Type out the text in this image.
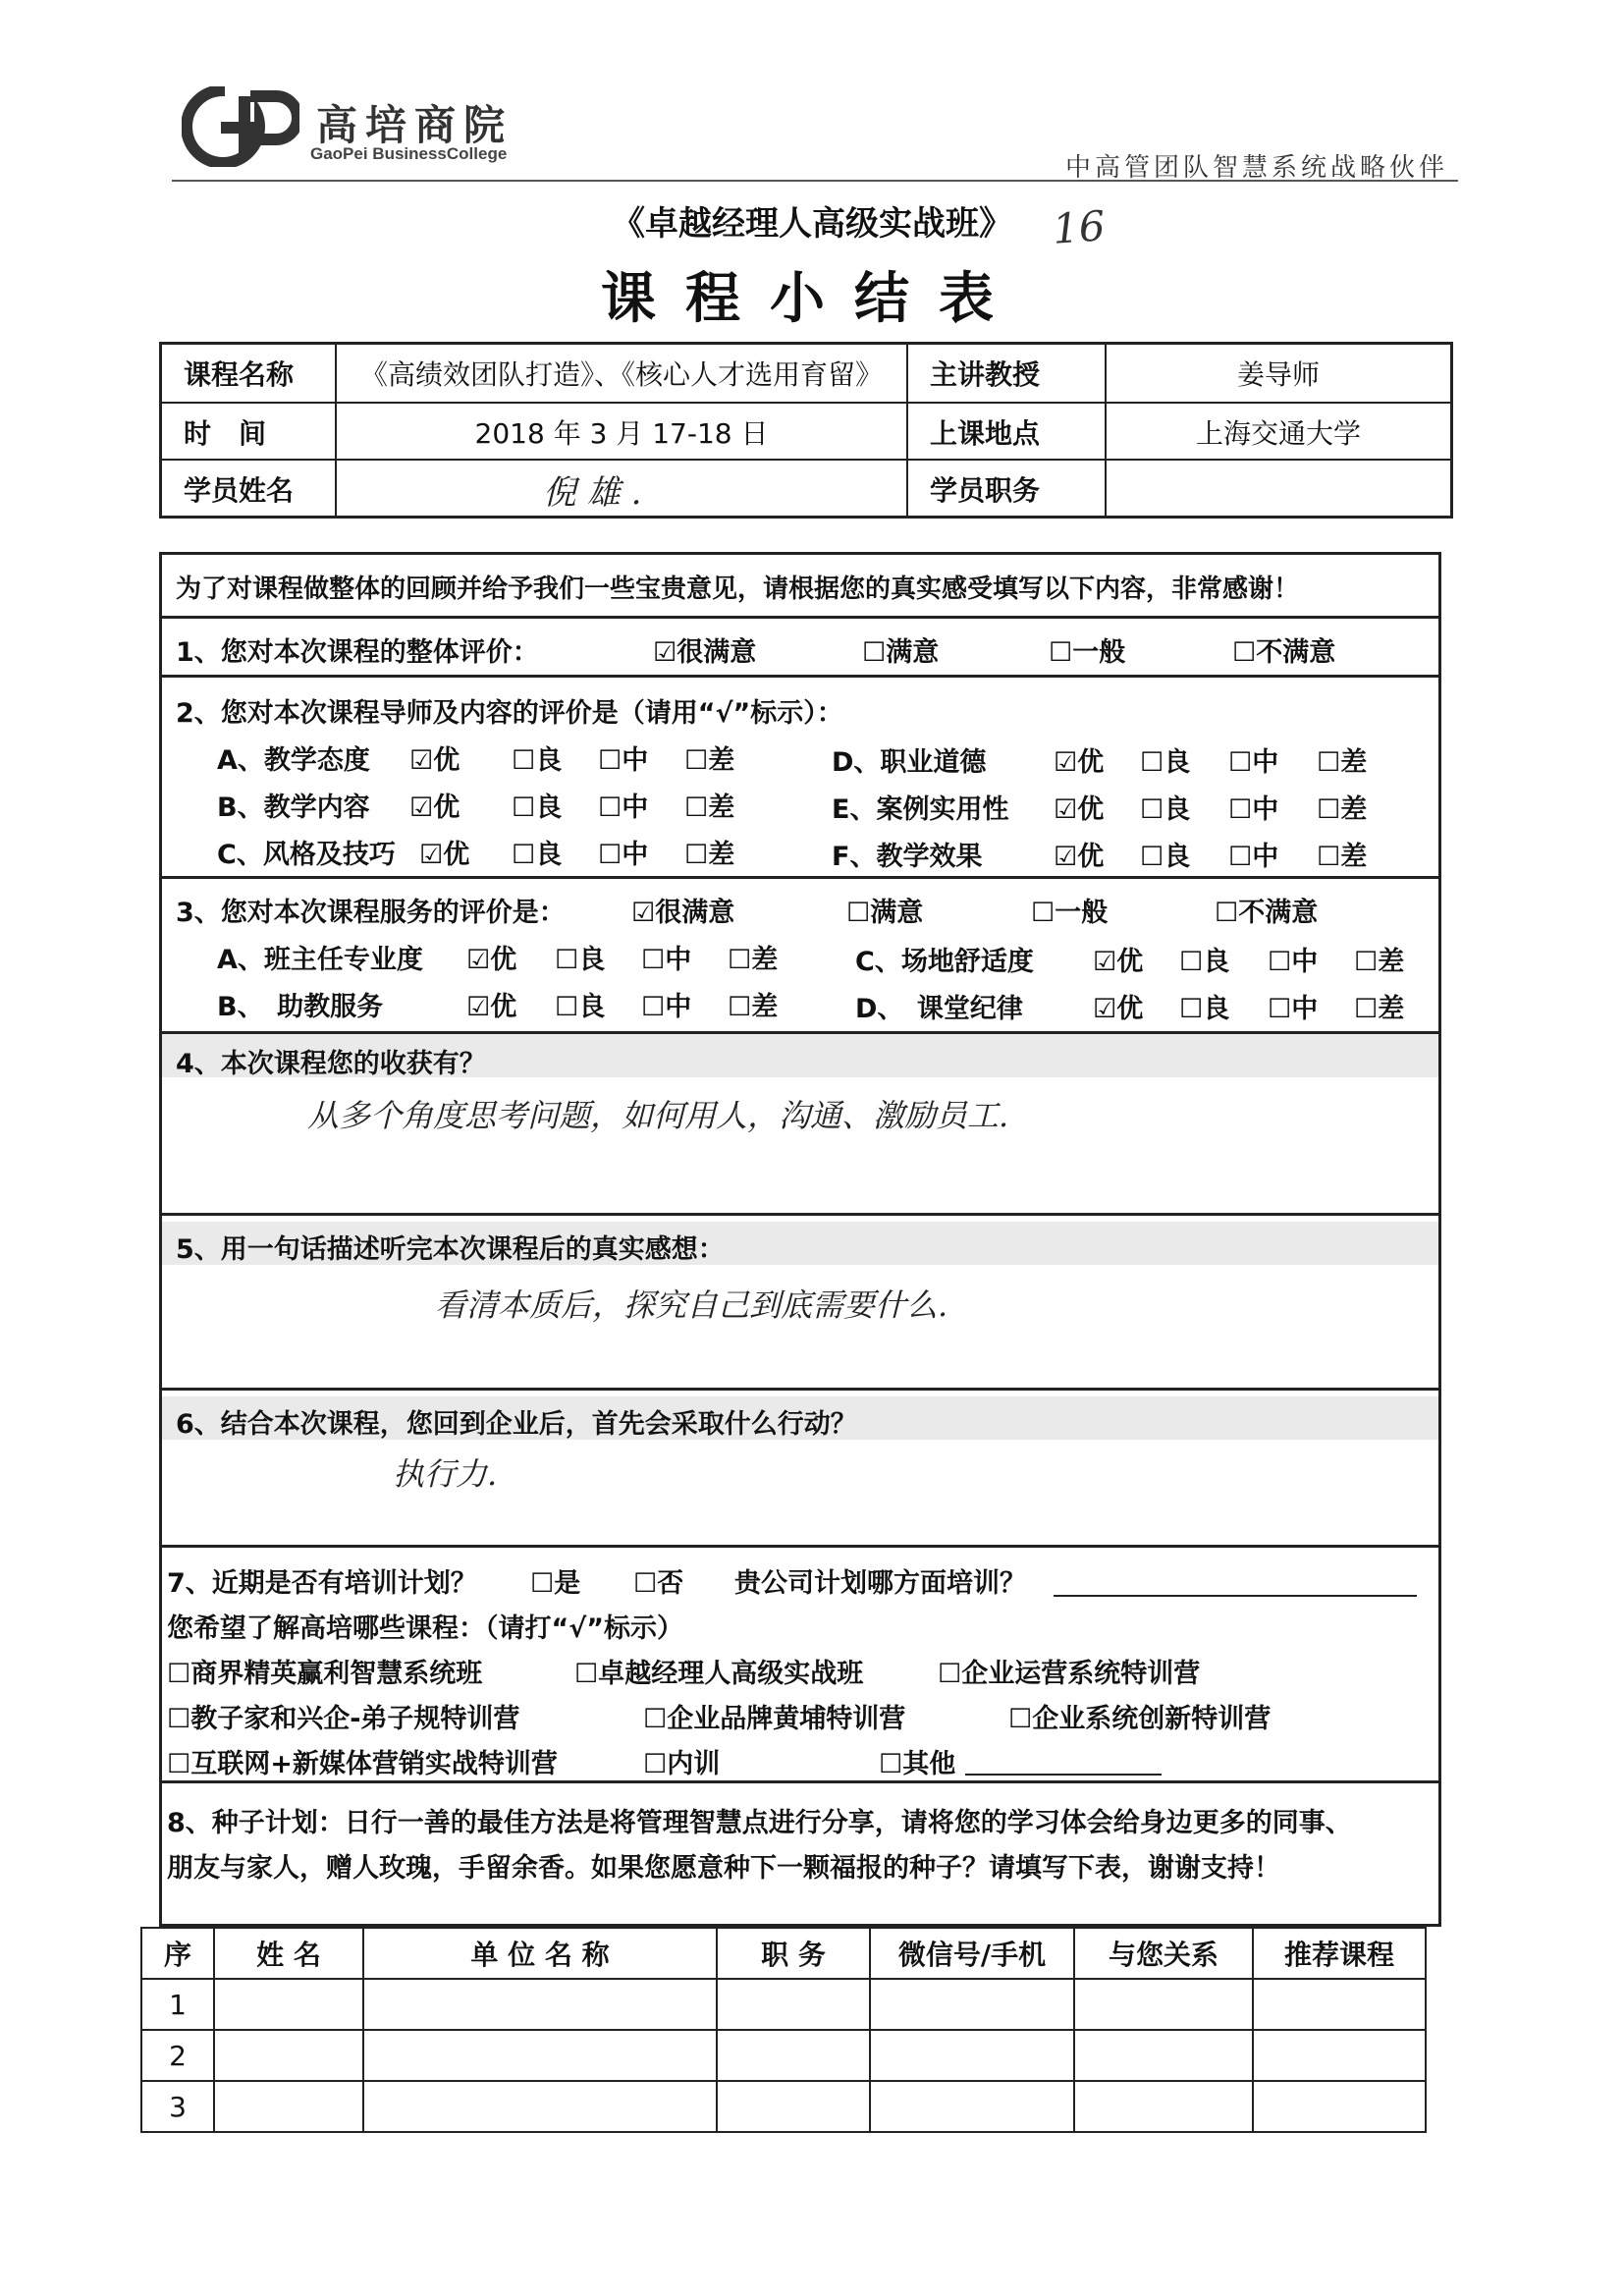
高培商院
GaoPei BusinessCollege	中高管团队智慧系统战略伙伴
《卓越经理人高级实战班》 16
课程小结表
课程名称	《高绩效团队打造》、《核心人才选用育留》	主讲教授	姜导师
时　间	2018 年 3 月 17-18 日	上课地点	上海交通大学
学员姓名	倪 雄 .	学员职务
为了对课程做整体的回顾并给予我们一些宝贵意见，请根据您的真实感受填写以下内容，非常感谢！
1、您对本次课程的整体评价：	☑很满意	☐满意	☐一般	☐不满意
2、您对本次课程导师及内容的评价是（请用“√”标示）：
A、教学态度 ☑优 ☐良 ☐中 ☐差
B、教学内容 ☑优 ☐良 ☐中 ☐差
C、风格及技巧 ☑优 ☐良 ☐中 ☐差
D、职业道德	☑优 ☐良 ☐中 ☐差
E、案例实用性 ☑优 ☐良 ☐中 ☐差
F、教学效果	☑优 ☐良 ☐中 ☐差
3、您对本次课程服务的评价是： ☑很满意	☐满意	☐一般	☐不满意
A、班主任专业度 ☑优 ☐良 ☐中 ☐差
B、　助教服务	☑优 ☐良 ☐中 ☐差
C、场地舒适度 ☑优 ☐良 ☐中 ☐差
D、　课堂纪律	☑优 ☐良 ☐中 ☐差
4、本次课程您的收获有？
从多个角度思考问题，如何用人，沟通、激励员工.
5、用一句话描述听完本次课程后的真实感想：
看清本质后，探究自己到底需要什么.
6、结合本次课程，您回到企业后，首先会采取什么行动？
执行力.
7、近期是否有培训计划？ ☐是 ☐否 贵公司计划哪方面培训？
您希望了解高培哪些课程：（请打“√”标示）
☐商界精英赢利智慧系统班	☐卓越经理人高级实战班	☐企业运营系统特训营
☐教子家和兴企-弟子规特训营	☐企业品牌黄埔特训营	☐企业系统创新特训营
☐互联网+新媒体营销实战特训营	☐内训	☐其他
8、种子计划：日行一善的最佳方法是将管理智慧点进行分享，请将您的学习体会给身边更多的同事、
朋友与家人，赠人玫瑰，手留余香。如果您愿意种下一颗福报的种子？请填写下表，谢谢支持！
序	姓 名	单 位 名 称	职 务	微信号/手机	与您关系	推荐课程
1						
2						
3						
